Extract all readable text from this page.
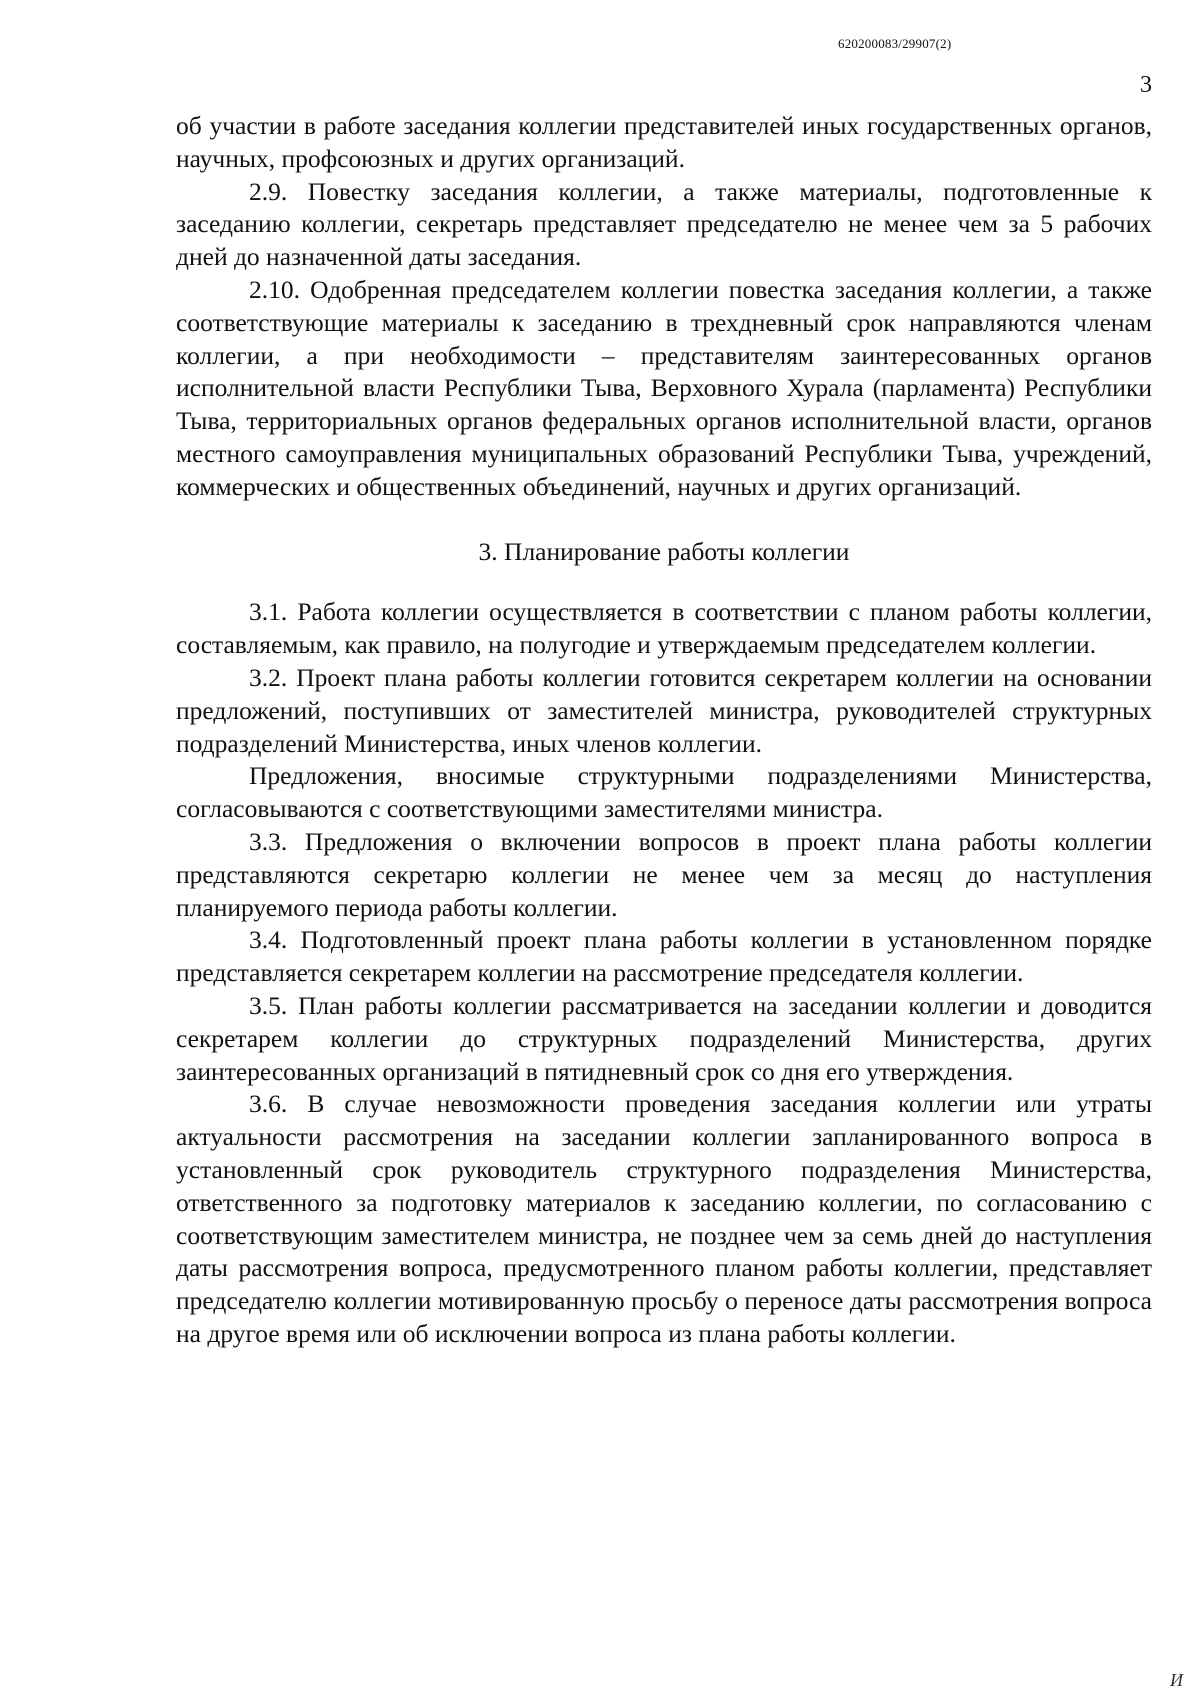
620200083/29907(2)
3

об участии в работе заседания коллегии представителей иных государственных органов, научных, профсоюзных и других организаций.

2.9. Повестку заседания коллегии, а также материалы, подготовленные к заседанию коллегии, секретарь представляет председателю не менее чем за 5 рабочих дней до назначенной даты заседания.

2.10. Одобренная председателем коллегии повестка заседания коллегии, а также соответствующие материалы к заседанию в трехдневный срок направляются членам коллегии, а при необходимости – представителям заинтересованных органов исполнительной власти Республики Тыва, Верховного Хурала (парламента) Республики Тыва, территориальных органов федеральных органов исполнительной власти, органов местного самоуправления муниципальных образований Республики Тыва, учреждений, коммерческих и общественных объединений, научных и других организаций.

3. Планирование работы коллегии

3.1. Работа коллегии осуществляется в соответствии с планом работы коллегии, составляемым, как правило, на полугодие и утверждаемым председателем коллегии.

3.2. Проект плана работы коллегии готовится секретарем коллегии на основании предложений, поступивших от заместителей министра, руководителей структурных подразделений Министерства, иных членов коллегии.

Предложения, вносимые структурными подразделениями Министерства, согласовываются с соответствующими заместителями министра.

3.3. Предложения о включении вопросов в проект плана работы коллегии представляются секретарю коллегии не менее чем за месяц до наступления планируемого периода работы коллегии.

3.4. Подготовленный проект плана работы коллегии в установленном порядке представляется секретарем коллегии на рассмотрение председателя коллегии.

3.5. План работы коллегии рассматривается на заседании коллегии и доводится секретарем коллегии до структурных подразделений Министерства, других заинтересованных организаций в пятидневный срок со дня его утверждения.

3.6. В случае невозможности проведения заседания коллегии или утраты актуальности рассмотрения на заседании коллегии запланированного вопроса в установленный срок руководитель структурного подразделения Министерства, ответственного за подготовку материалов к заседанию коллегии, по согласованию с соответствующим заместителем министра, не позднее чем за семь дней до наступления даты рассмотрения вопроса, предусмотренного планом работы коллегии, представляет председателю коллегии мотивированную просьбу о переносе даты рассмотрения вопроса на другое время или об исключении вопроса из плана работы коллегии.

И
